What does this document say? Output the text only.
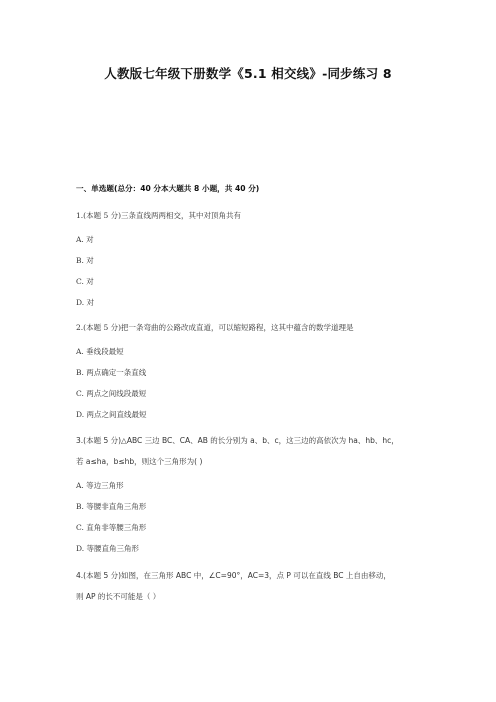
人教版七年级下册数学《5.1 相交线》-同步练习 8
一、单选题(总分：40 分本大题共 8 小题，共 40 分)
1.(本题 5 分)三条直线两两相交，其中对顶角共有
A. 对
B. 对
C. 对
D. 对
2.(本题 5 分)把一条弯曲的公路改成直道，可以缩短路程，这其中蕴含的数学道理是
A. 垂线段最短
B. 两点确定一条直线
C. 两点之间线段最短
D. 两点之间直线最短
3.(本题 5 分)△ABC 三边 BC、CA、AB 的长分别为 a、b、c，这三边的高依次为 ha、hb、hc，
若 a≤ha，b≤hb，则这个三角形为( )
A. 等边三角形
B. 等腰非直角三角形
C. 直角非等腰三角形
D. 等腰直角三角形
4.(本题 5 分)如图，在三角形 ABC 中，∠C=90°，AC=3，点 P 可以在直线 BC 上自由移动，
则 AP 的长不可能是（ ）
